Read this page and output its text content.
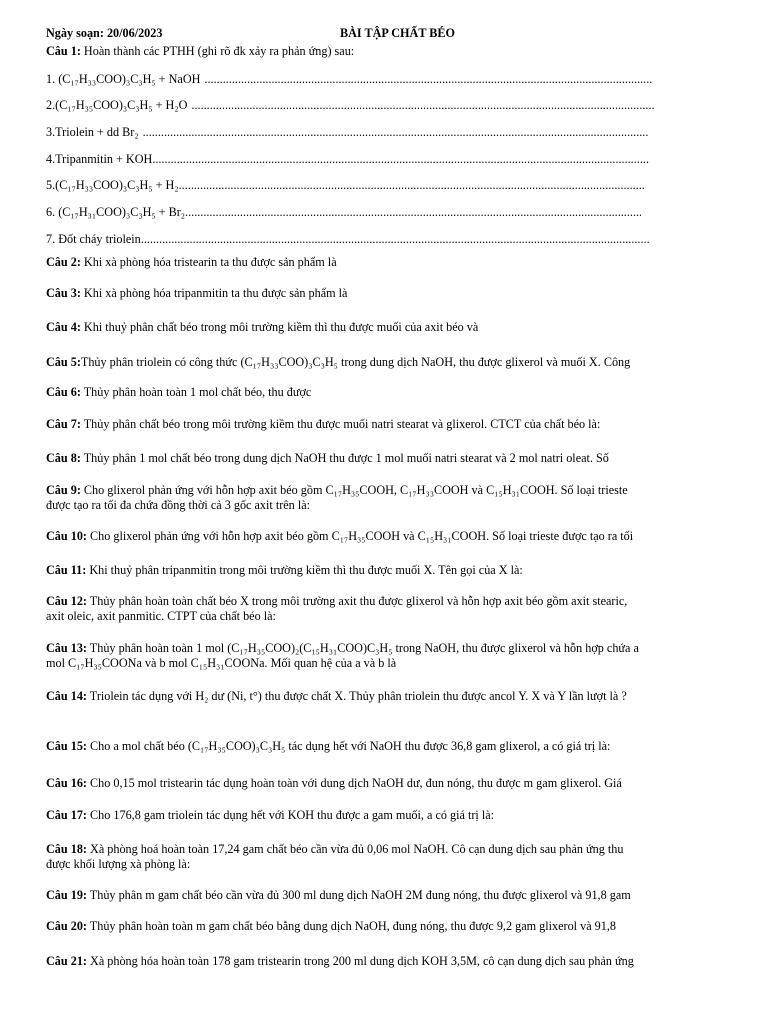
Ngày soạn: 20/06/2023	BÀI TẬP CHẤT BÉO
Câu 1: Hoàn thành các PTHH (ghi rõ đk xảy ra phản ứng) sau:
1. (C₁₇H₃₃COO)₃C₃H₅ + NaOH
.....
2.(C₁₇H₃₅COO)₃C₃H₅ + H₂O
.....
3.Triolein + dd Br₂
.....
4.Tripanmitin + KOH
.....
5.(C₁₇H₃₃COO)₃C₃H₅ + H₂
.....
6. (C₁₇H₃₁COO)₃C₃H₅ + Br₂
.....
7. Đốt cháy triolein
.....
Câu 2: Khi xà phòng hóa tristearin ta thu được sản phẩm là
Câu 3: Khi xà phòng hóa tripanmitin ta thu được sản phẩm là
Câu 4: Khi thuỷ phân chất béo trong môi trường kiềm thì thu được muối của axit béo và
Câu 5:Thủy phân triolein có công thức (C₁₇H₃₃COO)₃C₃H₅ trong dung dịch NaOH, thu được glixerol và muối X. Công
Câu 6: Thủy phân hoàn toàn 1 mol chất béo, thu được
Câu 7: Thủy phân chất béo trong môi trường kiềm thu được muối natri stearat và glixerol. CTCT của chất béo là:
Câu 8: Thủy phân 1 mol chất béo trong dung dịch NaOH thu được 1 mol muối natri stearat và 2 mol natri oleat. Số
Câu 9: Cho glixerol phản ứng với hỗn hợp axit béo gồm C₁₇H₃₅COOH, C₁₇H₃₃COOH và C₁₅H₃₁COOH. Số loại trieste
được tạo ra tối đa chứa đồng thời cả 3 gốc axit trên là:
Câu 10: Cho glixerol phản ứng với hỗn hợp axit béo gồm C₁₇H₃₅COOH và C₁₅H₃₁COOH. Số loại trieste được tạo ra tối
Câu 11: Khi thuỷ phân tripanmitin trong môi trường kiềm thì thu được muối X. Tên gọi của X là:
Câu 12: Thủy phân hoàn toàn chất béo X trong môi trường axit thu được glixerol và hỗn hợp axit béo gồm axit stearic,
axit oleic, axit panmitic. CTPT của chất béo là:
Câu 13: Thủy phân hoàn toàn 1 mol (C₁₇H₃₅COO)₂(C₁₅H₃₁COO)C₃H₅ trong NaOH, thu được glixerol và hỗn hợp chứa a
mol C₁₇H₃₅COONa và b mol C₁₅H₃₁COONa. Mối quan hệ của a và b là
Câu 14: Triolein tác dụng với H₂ dư (Ni, t°) thu được chất X. Thủy phân triolein thu được ancol Y. X và Y lần lượt là ?
Câu 15: Cho a mol chất béo (C₁₇H₃₅COO)₃C₃H₅ tác dụng hết với NaOH thu được 36,8 gam glixerol, a có giá trị là:
Câu 16: Cho 0,15 mol tristearin tác dụng hoàn toàn với dung dịch NaOH dư, đun nóng, thu được m gam glixerol. Giá
Câu 17: Cho 176,8 gam triolein tác dụng hết với KOH thu được a gam muối, a có giá trị là:
Câu 18: Xà phòng hoá hoàn toàn 17,24 gam chất béo cần vừa đủ 0,06 mol NaOH. Cô cạn dung dịch sau phản ứng thu
được khối lượng xà phòng là:
Câu 19: Thủy phân m gam chất béo cần vừa đủ 300 ml dung dịch NaOH 2M đung nóng, thu được glixerol và 91,8 gam
Câu 20: Thủy phân hoàn toàn m gam chất béo bằng dung dịch NaOH, đung nóng, thu được 9,2 gam glixerol và 91,8
Câu 21: Xà phòng hóa hoàn toàn 178 gam tristearin trong 200 ml dung dịch KOH 3,5M, cô cạn dung dịch sau phản ứng
